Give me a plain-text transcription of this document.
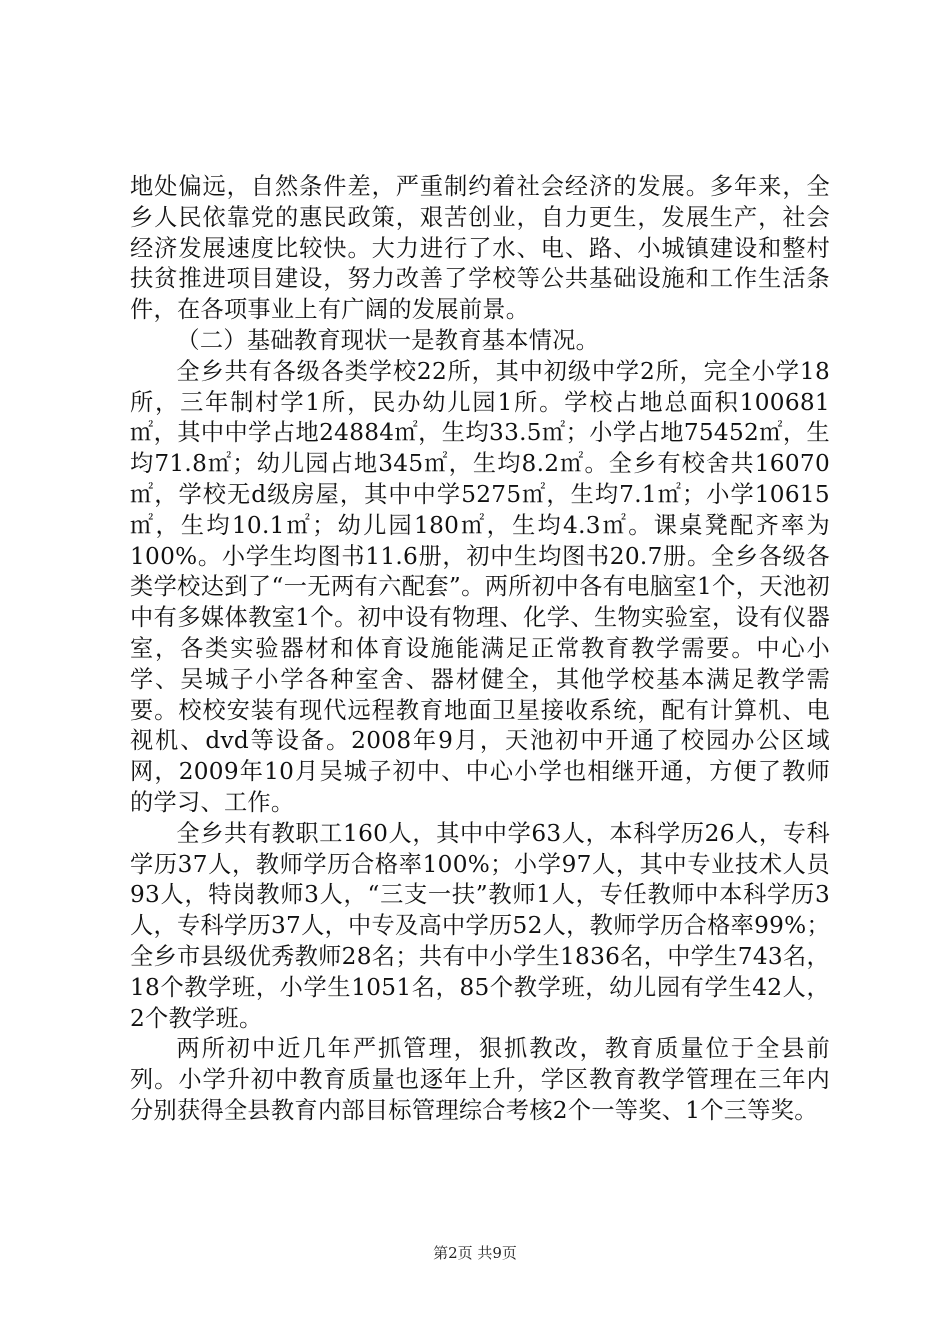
地处偏远，自然条件差，严重制约着社会经济的发展。多年来，全乡人民依靠党的惠民政策，艰苦创业，自力更生，发展生产，社会经济发展速度比较快。大力进行了水、电、路、小城镇建设和整村扶贫推进项目建设，努力改善了学校等公共基础设施和工作生活条件，在各项事业上有广阔的发展前景。

（二）基础教育现状一是教育基本情况。

全乡共有各级各类学校22所，其中初级中学2所，完全小学18所，三年制村学1所，民办幼儿园1所。学校占地总面积100681㎡，其中中学占地24884㎡，生均33.5㎡；小学占地75452㎡，生均71.8㎡；幼儿园占地345㎡，生均8.2㎡。全乡有校舍共16070㎡，学校无d级房屋，其中中学5275㎡，生均7.1㎡；小学10615㎡，生均10.1㎡；幼儿园180㎡，生均4.3㎡。课桌凳配齐率为100%。小学生均图书11.6册，初中生均图书20.7册。全乡各级各类学校达到了“一无两有六配套”。两所初中各有电脑室1个，天池初中有多媒体教室1个。初中设有物理、化学、生物实验室，设有仪器室，各类实验器材和体育设施能满足正常教育教学需要。中心小学、吴城子小学各种室舍、器材健全，其他学校基本满足教学需要。校校安装有现代远程教育地面卫星接收系统，配有计算机、电视机、dvd等设备。2008年9月，天池初中开通了校园办公区域网，2009年10月吴城子初中、中心小学也相继开通，方便了教师的学习、工作。

全乡共有教职工160人，其中中学63人，本科学历26人，专科学历37人，教师学历合格率100%；小学97人，其中专业技术人员93人，特岗教师3人，“三支一扶”教师1人，专任教师中本科学历3人，专科学历37人，中专及高中学历52人，教师学历合格率99%；全乡市县级优秀教师28名；共有中小学生1836名，中学生743名，18个教学班，小学生1051名，85个教学班，幼儿园有学生42人，2个教学班。

两所初中近几年严抓管理，狠抓教改，教育质量位于全县前列。小学升初中教育质量也逐年上升，学区教育教学管理在三年内分别获得全县教育内部目标管理综合考核2个一等奖、1个三等奖。

第2页 共9页
